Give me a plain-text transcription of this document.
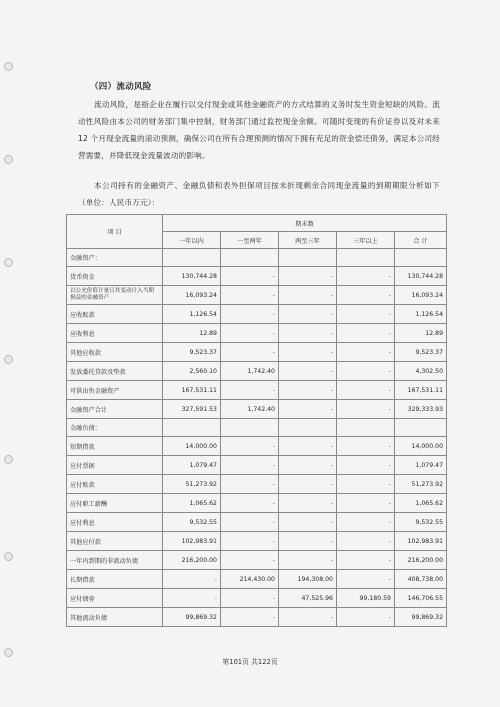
（四）流动风险
流动风险，是指企业在履行以交付现金或其他金融资产的方式结算的义务时发生资金短缺的风险。流动性风险由本公司的财务部门集中控制，财务部门通过监控现金余额、可随时变现的有价证券以及对未来 12 个月现金流量的滚动预测，确保公司在所有合理预测的情况下拥有充足的资金偿还债务，满足本公司经营需要，并降低现金流量波动的影响。
本公司持有的金融资产、金融负债和表外担保项目按未折现剩余合同现金流量的到期期限分析如下（单位：人民币万元）：
项 目	期末数				
	一年以内	一至两年	两至三年	三年以上	合 计
金融资产：					
货币资金	130,744.28	-	-	-	130,744.28
以公允价值计量且其变动计入当期损益的金融资产	16,093.24	-	-	-	16,093.24
应收账款	1,126.54	-	-	-	1,126.54
应收利息	12.89	-	-	-	12.89
其他应收款	9,523.37	-	-	-	9,523.37
发放委托贷款及垫款	2,560.10	1,742.40	-	-	4,302.50
可供出售金融资产	167,531.11	-	-	-	167,531.11
金融资产合计	327,591.53	1,742.40	-	-	329,333.93
金融负债：					
短期借款	14,000.00	-	-	-	14,000.00
应付票据	1,079.47	-	-	-	1,079.47
应付账款	51,273.92	-	-	-	51,273.92
应付职工薪酬	1,065.62	-	-	-	1,065.62
应付利息	9,532.55	-	-	-	9,532.55
其他应付款	102,983.91	-	-	-	102,983.91
一年内到期的非流动负债	216,200.00	-	-	-	216,200.00
长期借款	-	214,430.00	194,308.00	-	408,738.00
应付债券	-	-	47,525.96	99,180.59	146,706.55
其他流动负债	99,869.32	-	-	-	99,869.32
第101页 共122页
